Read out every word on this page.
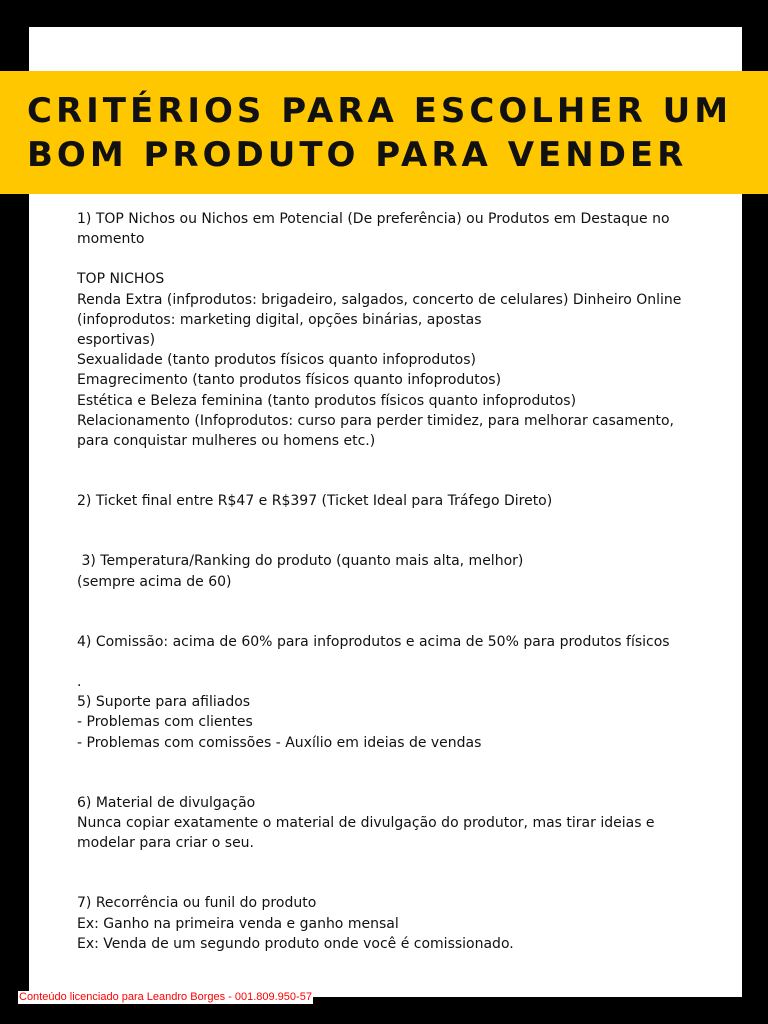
CRITÉRIOS PARA ESCOLHER UM
BOM PRODUTO PARA VENDER
1) TOP Nichos ou Nichos em Potencial (De preferência) ou Produtos em Destaque no
momento
TOP NICHOS
Renda Extra (infprodutos: brigadeiro, salgados, concerto de celulares) Dinheiro Online
(infoprodutos: marketing digital, opções binárias, apostas
esportivas)
Sexualidade (tanto produtos físicos quanto infoprodutos)
Emagrecimento (tanto produtos físicos quanto infoprodutos)
Estética e Beleza feminina (tanto produtos físicos quanto infoprodutos)
Relacionamento (Infoprodutos: curso para perder timidez, para melhorar casamento,
para conquistar mulheres ou homens etc.)
2) Ticket final entre R$47 e R$397 (Ticket Ideal para Tráfego Direto)
3) Temperatura/Ranking do produto (quanto mais alta, melhor)
(sempre acima de 60)
4) Comissão: acima de 60% para infoprodutos e acima de 50% para produtos físicos
.
5) Suporte para afiliados
- Problemas com clientes
- Problemas com comissões - Auxílio em ideias de vendas
6) Material de divulgação
Nunca copiar exatamente o material de divulgação do produtor, mas tirar ideias e
modelar para criar o seu.
7) Recorrência ou funil do produto
Ex: Ganho na primeira venda e ganho mensal
Ex: Venda de um segundo produto onde você é comissionado.
Conteúdo licenciado para Leandro Borges - 001.809.950-57
